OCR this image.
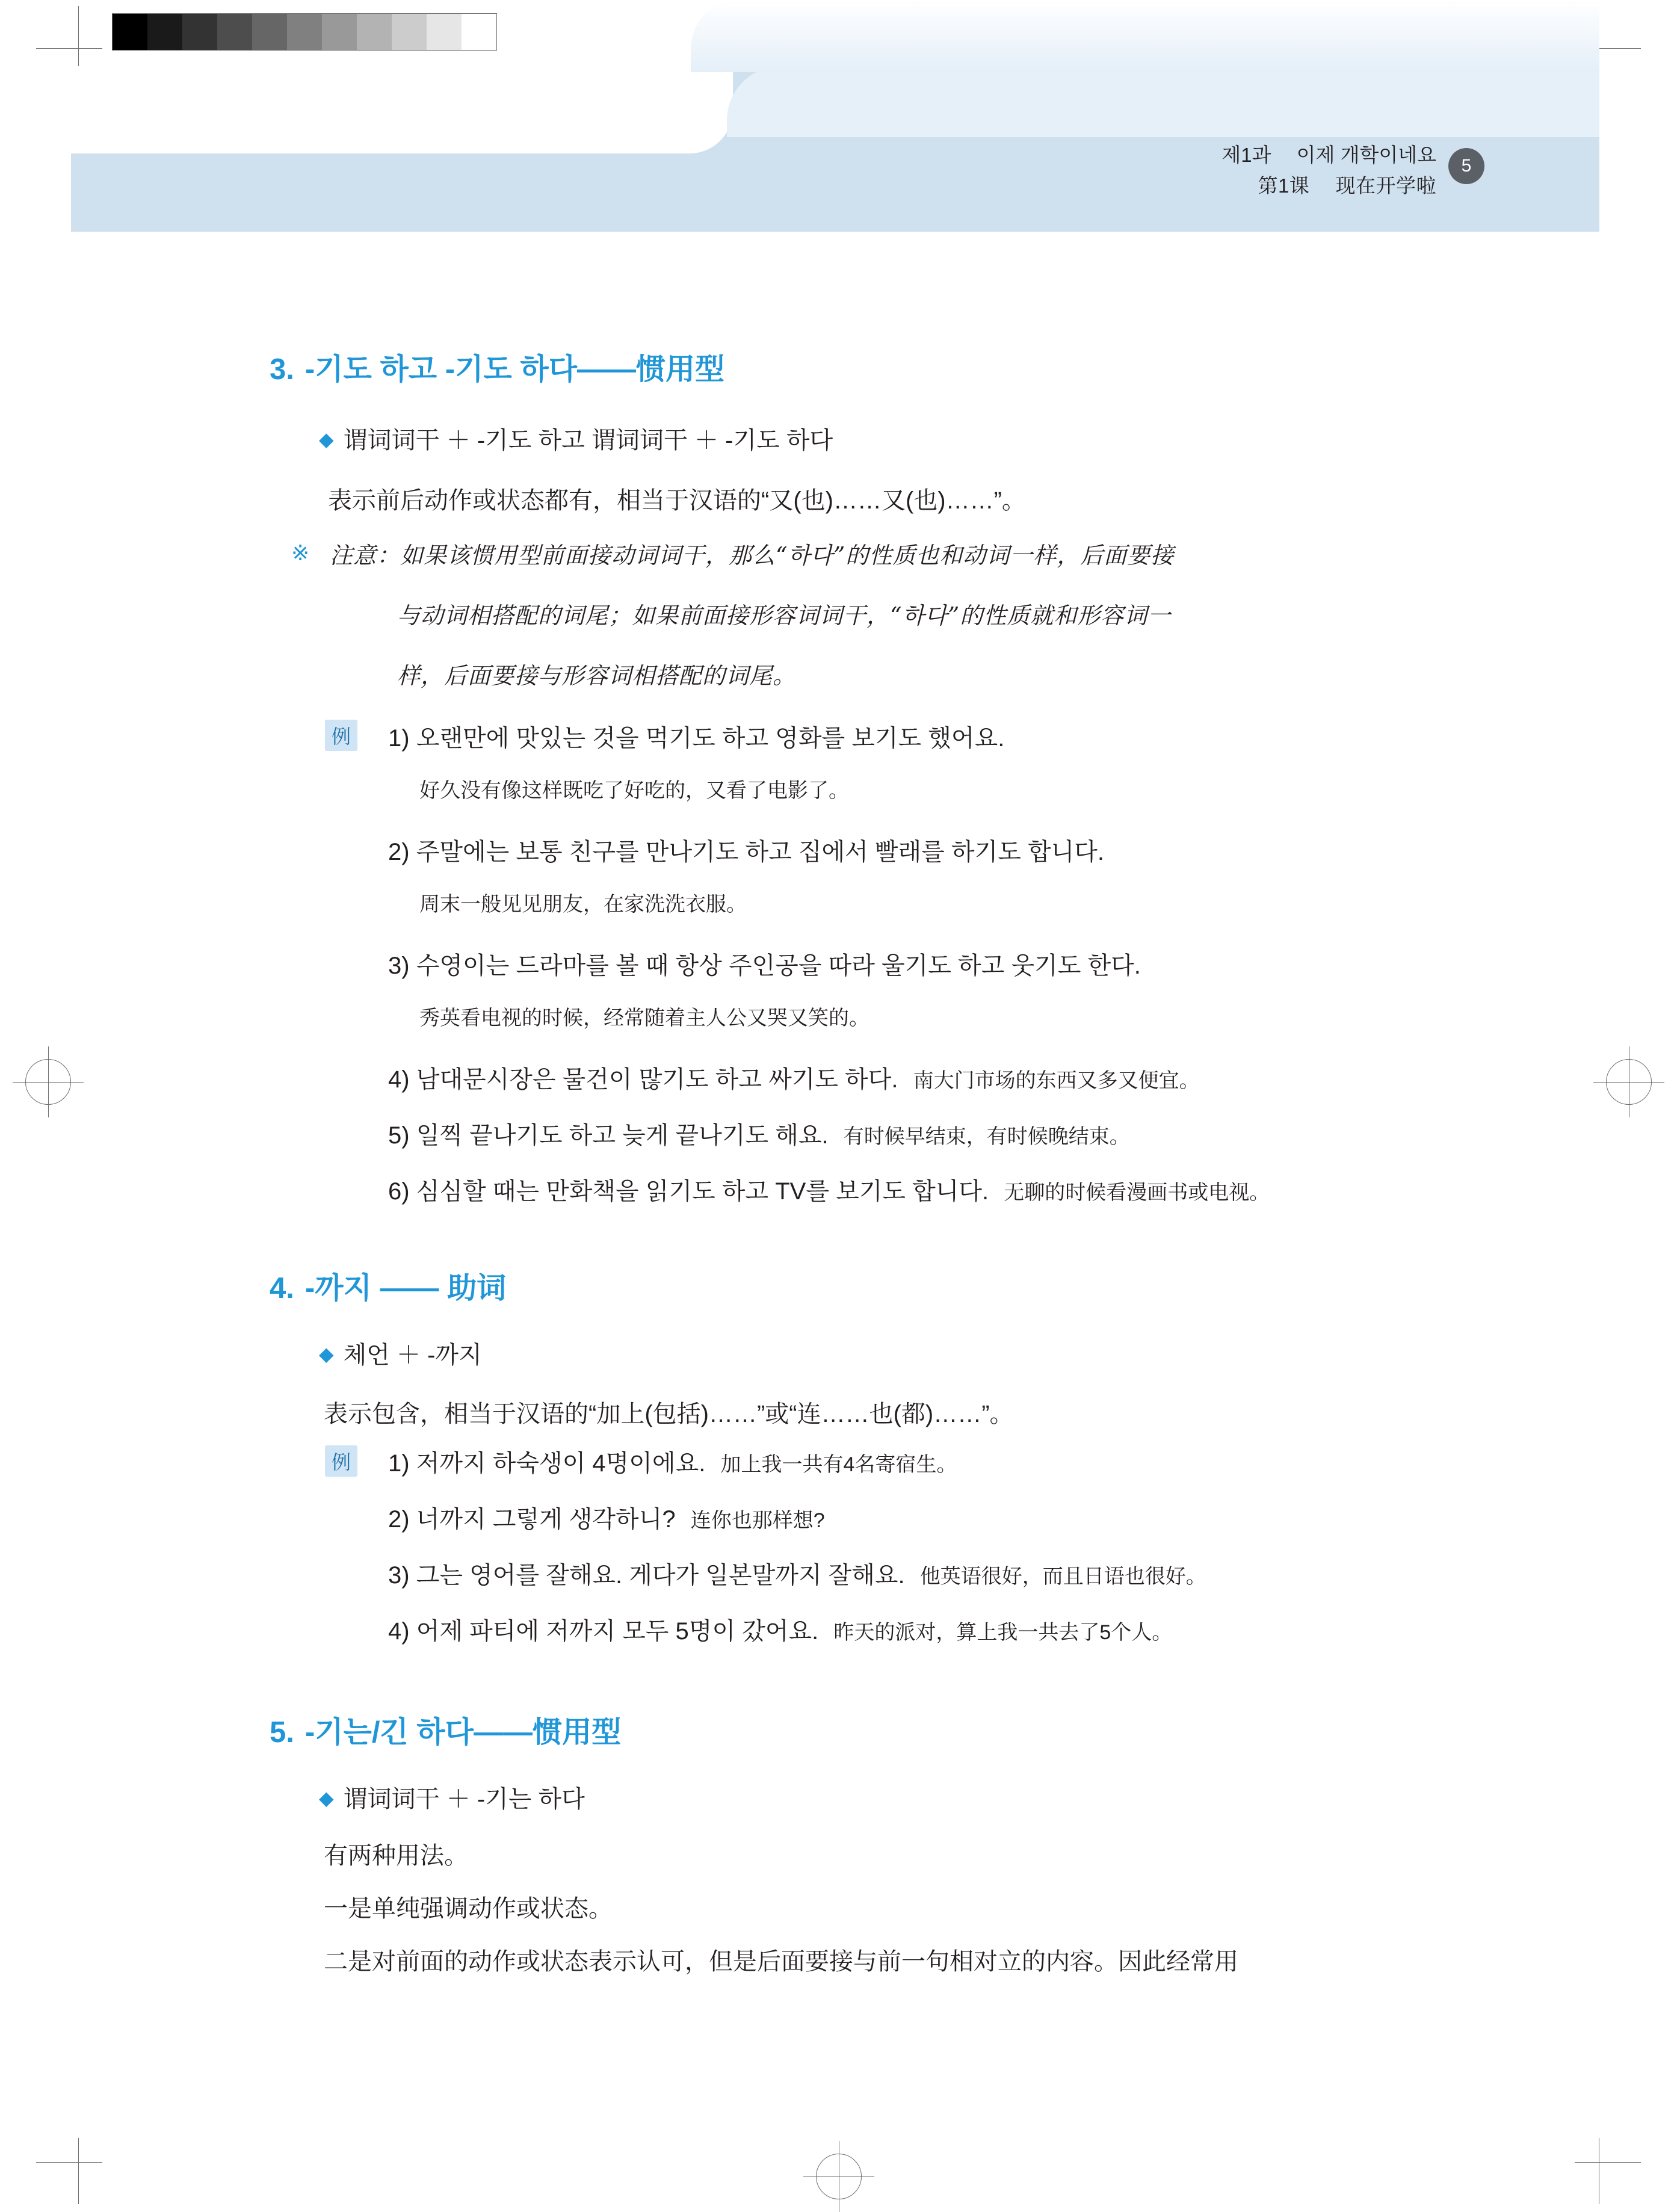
제1과　 이제 개학이네요
第1课　 现在开学啦
5
3. -기도 하고 -기도 하다——惯用型
◆ 谓词词干 ＋ -기도 하고 谓词词干 ＋ -기도 하다
表示前后动作或状态都有，相当于汉语的“又(也)……又(也)……”。
※ 注意：如果该惯用型前面接动词词干，那么“하다”的性质也和动词一样，后面要接
与动词相搭配的词尾；如果前面接形容词词干，“하다”的性质就和形容词一
样，后面要接与形容词相搭配的词尾。
例 1) 오랜만에 맛있는 것을 먹기도 하고 영화를 보기도 했어요.
好久没有像这样既吃了好吃的，又看了电影了。
2) 주말에는 보통 친구를 만나기도 하고 집에서 빨래를 하기도 합니다.
周末一般见见朋友，在家洗洗衣服。
3) 수영이는 드라마를 볼 때 항상 주인공을 따라 울기도 하고 웃기도 한다.
秀英看电视的时候，经常随着主人公又哭又笑的。
4) 남대문시장은 물건이 많기도 하고 싸기도 하다. 南大门市场的东西又多又便宜。
5) 일찍 끝나기도 하고 늦게 끝나기도 해요. 有时候早结束，有时候晚结束。
6) 심심할 때는 만화책을 읽기도 하고 TV를 보기도 합니다. 无聊的时候看漫画书或电视。
4. -까지 —— 助词
◆ 체언 ＋ -까지
表示包含，相当于汉语的“加上(包括)……”或“连……也(都)……”。
例 1) 저까지 하숙생이 4명이에요. 加上我一共有4名寄宿生。
2) 너까지 그렇게 생각하니? 连你也那样想?
3) 그는 영어를 잘해요. 게다가 일본말까지 잘해요. 他英语很好，而且日语也很好。
4) 어제 파티에 저까지 모두 5명이 갔어요. 昨天的派对，算上我一共去了5个人。
5. -기는/긴 하다——惯用型
◆ 谓词词干 ＋ -기는 하다
有两种用法。
一是单纯强调动作或状态。
二是对前面的动作或状态表示认可，但是后面要接与前一句相对立的内容。因此经常用
